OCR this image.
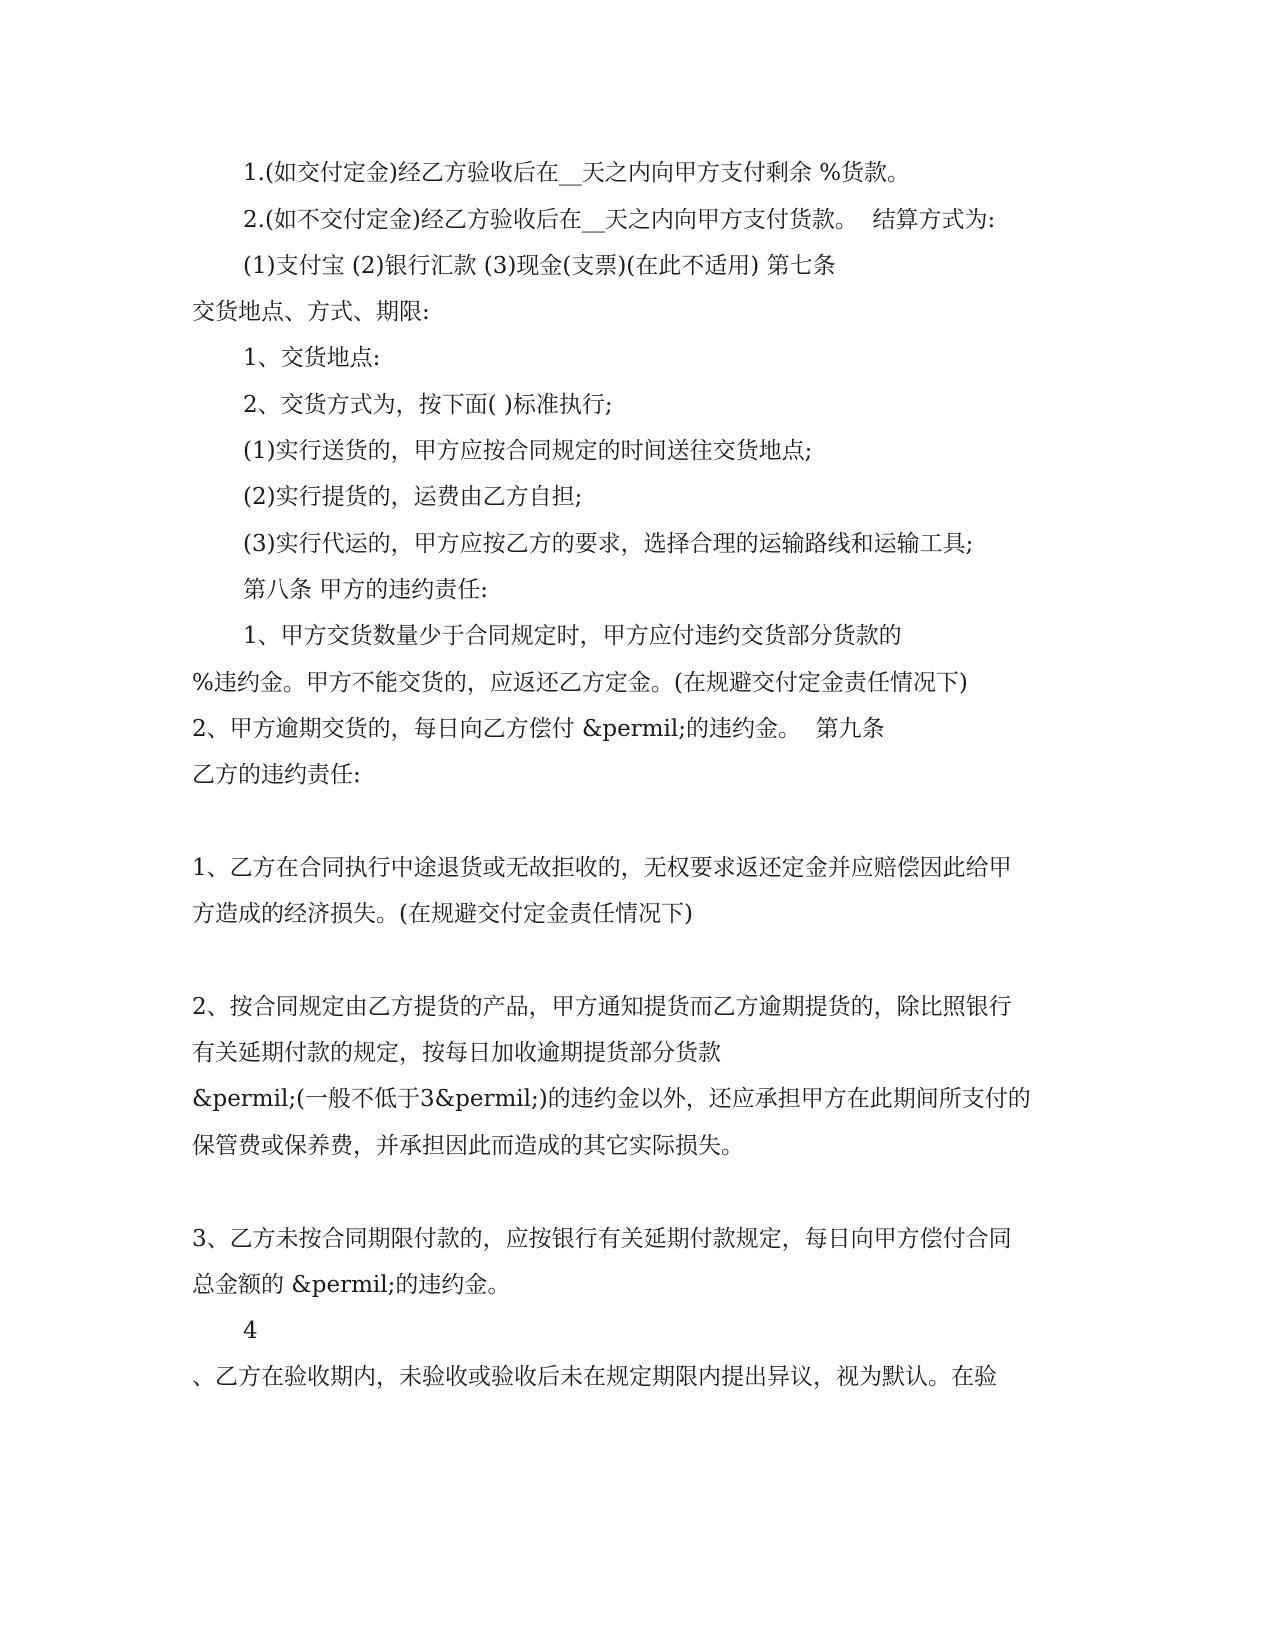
1.(如交付定金)经乙方验收后在__天之内向甲方支付剩余 %货款。
2.(如不交付定金)经乙方验收后在__天之内向甲方支付货款。  结算方式为:
(1)支付宝 (2)银行汇款 (3)现金(支票)(在此不适用) 第七条
交货地点、方式、期限:
1、交货地点:
2、交货方式为，按下面( )标准执行;
(1)实行送货的，甲方应按合同规定的时间送往交货地点;
(2)实行提货的，运费由乙方自担;
(3)实行代运的，甲方应按乙方的要求，选择合理的运输路线和运输工具;
第八条 甲方的违约责任:
1、甲方交货数量少于合同规定时，甲方应付违约交货部分货款的
%违约金。甲方不能交货的，应返还乙方定金。(在规避交付定金责任情况下)
2、甲方逾期交货的，每日向乙方偿付 &permil;的违约金。  第九条
乙方的违约责任:
1、乙方在合同执行中途退货或无故拒收的，无权要求返还定金并应赔偿因此给甲
方造成的经济损失。(在规避交付定金责任情况下)
2、按合同规定由乙方提货的产品，甲方通知提货而乙方逾期提货的，除比照银行
有关延期付款的规定，按每日加收逾期提货部分货款
&permil;(一般不低于3&permil;)的违约金以外，还应承担甲方在此期间所支付的
保管费或保养费，并承担因此而造成的其它实际损失。
3、乙方未按合同期限付款的，应按银行有关延期付款规定，每日向甲方偿付合同
总金额的 &permil;的违约金。
4
、乙方在验收期内，未验收或验收后未在规定期限内提出异议，视为默认。在验
